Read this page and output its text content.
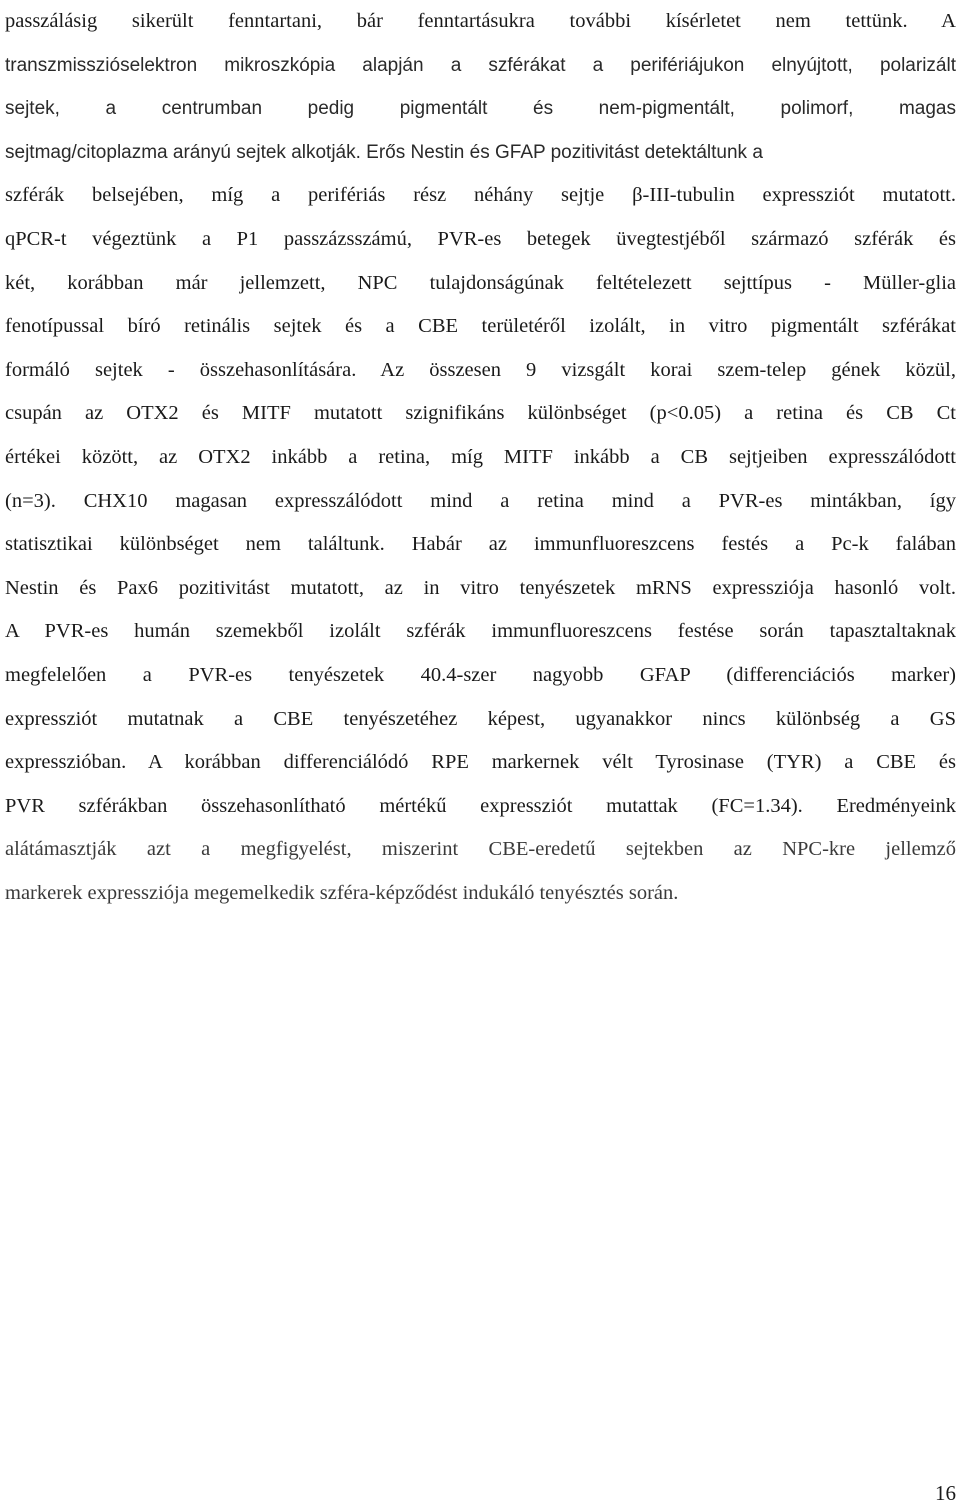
passzálásig sikerült fenntartani, bár fenntartásukra további kísérletet nem tettünk. A
transzmisszióselektron mikroszkópia alapján a szférákat a perifériájukon elnyújtott, polarizált
sejtek, a centrumban pedig pigmentált és nem-pigmentált, polimorf, magas
sejtmag/citoplazma arányú sejtek alkotják. Erős Nestin és GFAP pozitivitást detektáltunk a
szférák belsejében, míg a perifériás rész néhány sejtje β-III-tubulin expressziót mutatott.
qPCR-t végeztünk a P1 passzázsszámú, PVR-es betegek üvegtestjéből származó szférák és
két, korábban már jellemzett, NPC tulajdonságúnak feltételezett sejttípus - Müller-glia
fenotípussal bíró retinális sejtek és a CBE területéről izolált, in vitro pigmentált szférákat
formáló sejtek - összehasonlítására. Az összesen 9 vizsgált korai szem-telep gének közül,
csupán az OTX2 és MITF mutatott szignifikáns különbséget (p<0.05) a retina és CB Ct
értékei között, az OTX2 inkább a retina, míg MITF inkább a CB sejtjeiben expresszálódott
(n=3). CHX10 magasan expresszálódott mind a retina mind a PVR-es mintákban, így
statisztikai különbséget nem találtunk. Habár az immunfluoreszcens festés a Pc-k falában
Nestin és Pax6 pozitivitást mutatott, az in vitro tenyészetek mRNS expressziója hasonló volt.
A PVR-es humán szemekből izolált szférák immunfluoreszcens festése során tapasztaltaknak
megfelelően a PVR-es tenyészetek 40.4-szer nagyobb GFAP (differenciációs marker)
expressziót mutatnak a CBE tenyészetéhez képest, ugyanakkor nincs különbség a GS
expresszióban. A korábban differenciálódó RPE markernek vélt Tyrosinase (TYR) a CBE és
PVR szférákban összehasonlítható mértékű expressziót mutattak (FC=1.34). Eredményeink
alátámasztják azt a megfigyelést, miszerint CBE-eredetű sejtekben az NPC-kre jellemző
markerek expressziója megemelkedik szféra-képződést indukáló tenyésztés során.
16
